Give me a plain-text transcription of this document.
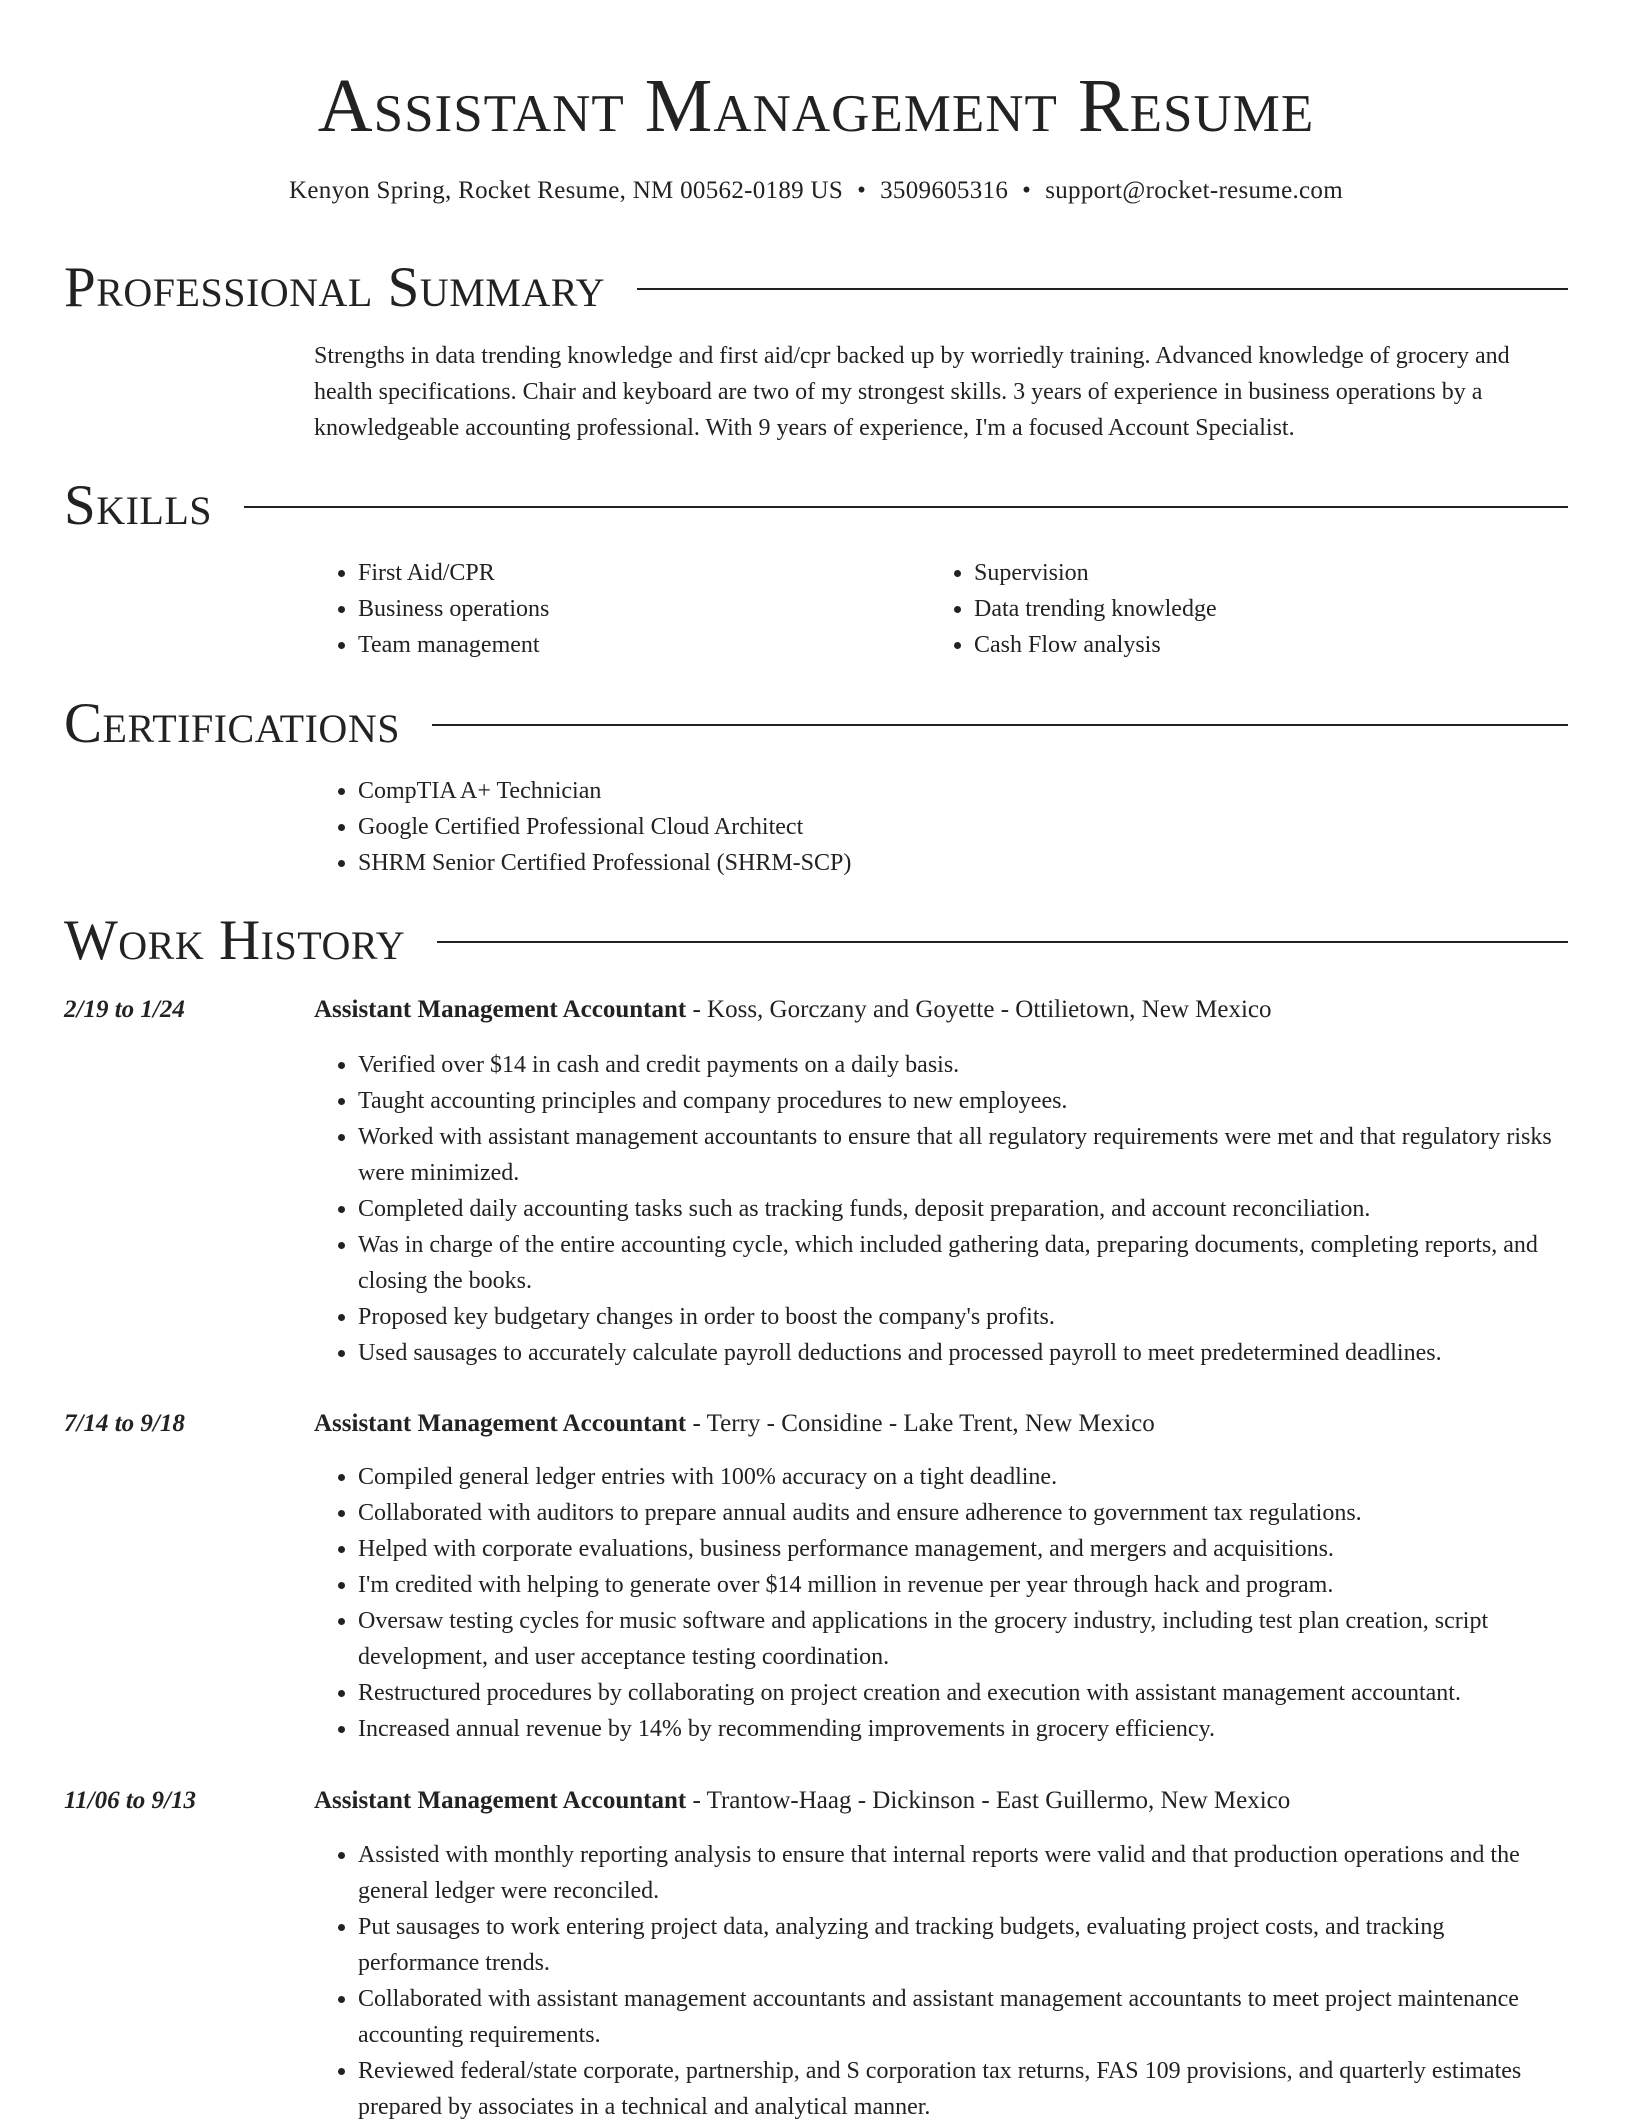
Assistant Management Resume
Kenyon Spring, Rocket Resume, NM 00562-0189 US • 3509605316 • support@rocket-resume.com
Professional Summary
Strengths in data trending knowledge and first aid/cpr backed up by worriedly training. Advanced knowledge of grocery and health specifications. Chair and keyboard are two of my strongest skills. 3 years of experience in business operations by a knowledgeable accounting professional. With 9 years of experience, I'm a focused Account Specialist.
Skills
• First Aid/CPR
• Business operations
• Team management
• Supervision
• Data trending knowledge
• Cash Flow analysis
Certifications
• CompTIA A+ Technician
• Google Certified Professional Cloud Architect
• SHRM Senior Certified Professional (SHRM-SCP)
Work History
2/19 to 1/24	Assistant Management Accountant - Koss, Gorczany and Goyette - Ottilietown, New Mexico
• Verified over $14 in cash and credit payments on a daily basis.
• Taught accounting principles and company procedures to new employees.
• Worked with assistant management accountants to ensure that all regulatory requirements were met and that regulatory risks were minimized.
• Completed daily accounting tasks such as tracking funds, deposit preparation, and account reconciliation.
• Was in charge of the entire accounting cycle, which included gathering data, preparing documents, completing reports, and closing the books.
• Proposed key budgetary changes in order to boost the company's profits.
• Used sausages to accurately calculate payroll deductions and processed payroll to meet predetermined deadlines.
7/14 to 9/18	Assistant Management Accountant - Terry - Considine - Lake Trent, New Mexico
• Compiled general ledger entries with 100% accuracy on a tight deadline.
• Collaborated with auditors to prepare annual audits and ensure adherence to government tax regulations.
• Helped with corporate evaluations, business performance management, and mergers and acquisitions.
• I'm credited with helping to generate over $14 million in revenue per year through hack and program.
• Oversaw testing cycles for music software and applications in the grocery industry, including test plan creation, script development, and user acceptance testing coordination.
• Restructured procedures by collaborating on project creation and execution with assistant management accountant.
• Increased annual revenue by 14% by recommending improvements in grocery efficiency.
11/06 to 9/13	Assistant Management Accountant - Trantow-Haag - Dickinson - East Guillermo, New Mexico
• Assisted with monthly reporting analysis to ensure that internal reports were valid and that production operations and the general ledger were reconciled.
• Put sausages to work entering project data, analyzing and tracking budgets, evaluating project costs, and tracking performance trends.
• Collaborated with assistant management accountants and assistant management accountants to meet project maintenance accounting requirements.
• Reviewed federal/state corporate, partnership, and S corporation tax returns, FAS 109 provisions, and quarterly estimates prepared by associates in a technical and analytical manner.
